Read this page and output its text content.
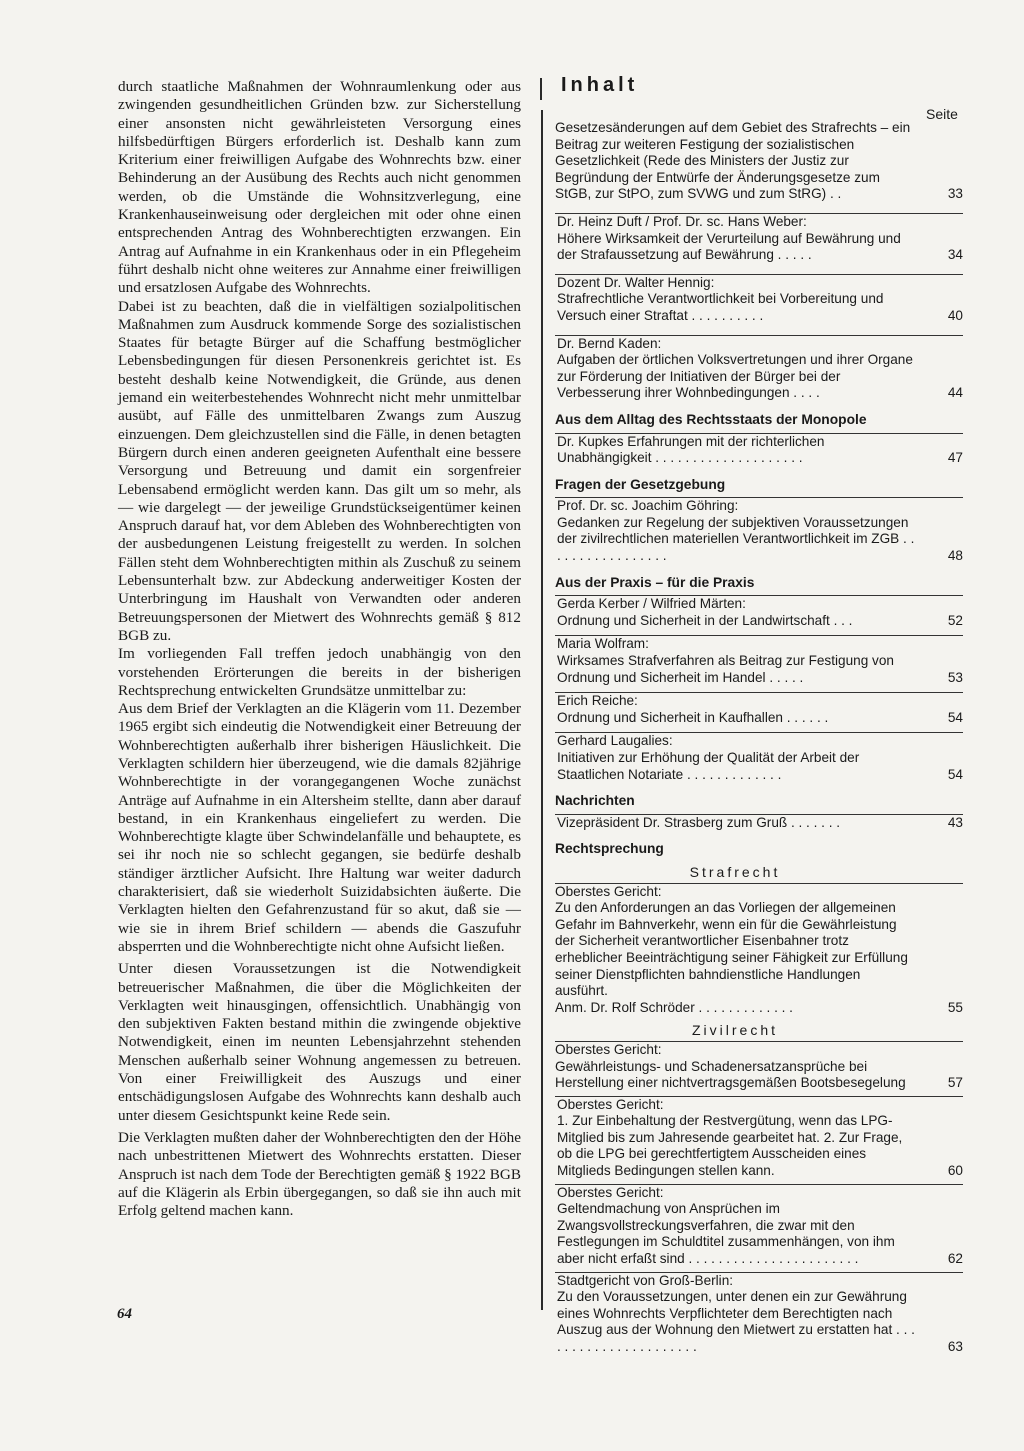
durch staatliche Maßnahmen der Wohnraumlenkung oder aus zwingenden gesundheitlichen Gründen bzw. zur Sicherstellung einer ansonsten nicht gewährleisteten Versorgung eines hilfsbedürftigen Bürgers erforderlich ist. Deshalb kann zum Kriterium einer freiwilligen Aufgabe des Wohnrechts bzw. einer Behinderung an der Ausübung des Rechts auch nicht genommen werden, ob die Umstände die Wohnsitzverlegung, eine Krankenhauseinweisung oder dergleichen mit oder ohne einen entsprechenden Antrag des Wohnberechtigten erzwangen. Ein Antrag auf Aufnahme in ein Krankenhaus oder in ein Pflegeheim führt deshalb nicht ohne weiteres zur Annahme einer freiwilligen und ersatzlosen Aufgabe des Wohnrechts.

Dabei ist zu beachten, daß die in vielfältigen sozialpolitischen Maßnahmen zum Ausdruck kommende Sorge des sozialistischen Staates für betagte Bürger auf die Schaffung bestmöglicher Lebensbedingungen für diesen Personenkreis gerichtet ist. Es besteht deshalb keine Notwendigkeit, die Gründe, aus denen jemand ein weiterbestehendes Wohnrecht nicht mehr unmittelbar ausübt, auf Fälle des unmittelbaren Zwangs zum Auszug einzuengen. Dem gleichzustellen sind die Fälle, in denen betagten Bürgern durch einen anderen geeigneten Aufenthalt eine bessere Versorgung und Betreuung und damit ein sorgenfreier Lebensabend ermöglicht werden kann. Das gilt um so mehr, als — wie dargelegt — der jeweilige Grundstückseigentümer keinen Anspruch darauf hat, vor dem Ableben des Wohnberechtigten von der ausbedungenen Leistung freigestellt zu werden. In solchen Fällen steht dem Wohnberechtigten mithin als Zuschuß zu seinem Lebensunterhalt bzw. zur Abdeckung anderweitiger Kosten der Unterbringung im Haushalt von Verwandten oder anderen Betreuungspersonen der Mietwert des Wohnrechts gemäß § 812 BGB zu.

Im vorliegenden Fall treffen jedoch unabhängig von den vorstehenden Erörterungen die bereits in der bisherigen Rechtsprechung entwickelten Grundsätze unmittelbar zu:

Aus dem Brief der Verklagten an die Klägerin vom 11. Dezember 1965 ergibt sich eindeutig die Notwendigkeit einer Betreuung der Wohnberechtigten außerhalb ihrer bisherigen Häuslichkeit. Die Verklagten schildern hier überzeugend, wie die damals 82jährige Wohnberechtigte in der vorangegangenen Woche zunächst Anträge auf Aufnahme in ein Altersheim stellte, dann aber darauf bestand, in ein Krankenhaus eingeliefert zu werden. Die Wohnberechtigte klagte über Schwindelanfälle und behauptete, es sei ihr noch nie so schlecht gegangen, sie bedürfe deshalb ständiger ärztlicher Aufsicht. Ihre Haltung war weiter dadurch charakterisiert, daß sie wiederholt Suizidabsichten äußerte. Die Verklagten hielten den Gefahrenzustand für so akut, daß sie — wie sie in ihrem Brief schildern — abends die Gaszufuhr absperrten und die Wohnberechtigte nicht ohne Aufsicht ließen.

Unter diesen Voraussetzungen ist die Notwendigkeit betreuerischer Maßnahmen, die über die Möglichkeiten der Verklagten weit hinausgingen, offensichtlich. Unabhängig von den subjektiven Fakten bestand mithin die zwingende objektive Notwendigkeit, einen im neunten Lebensjahrzehnt stehenden Menschen außerhalb seiner Wohnung angemessen zu betreuen. Von einer Freiwilligkeit des Auszugs und einer entschädigungslosen Aufgabe des Wohnrechts kann deshalb auch unter diesem Gesichtspunkt keine Rede sein.

Die Verklagten mußten daher der Wohnberechtigten den der Höhe nach unbestrittenen Mietwert des Wohnrechts erstatten. Dieser Anspruch ist nach dem Tode der Berechtigten gemäß § 1922 BGB auf die Klägerin als Erbin übergegangen, so daß sie ihn auch mit Erfolg geltend machen kann.

64
Inhalt
Seite
Gesetzesänderungen auf dem Gebiet des Strafrechts – ein Beitrag zur weiteren Festigung der sozialistischen Gesetzlichkeit (Rede des Ministers der Justiz zur Begründung der Entwürfe der Änderungsgesetze zum StGB, zur StPO, zum SVWG und zum StRG) . .	33
Dr. Heinz Duft / Prof. Dr. sc. Hans Weber:
Höhere Wirksamkeit der Verurteilung auf Bewährung und der Strafaussetzung auf Bewährung . . . . .	34
Dozent Dr. Walter Hennig:
Strafrechtliche Verantwortlichkeit bei Vorbereitung und Versuch einer Straftat . . . . . . . . . .	40
Dr. Bernd Kaden:
Aufgaben der örtlichen Volksvertretungen und ihrer Organe zur Förderung der Initiativen der Bürger bei der Verbesserung ihrer Wohnbedingungen . . . .	44
Aus dem Alltag des Rechtsstaats der Monopole
Dr. Kupkes Erfahrungen mit der richterlichen Unabhängigkeit . . . . . . . . . . . . . . . . . . . .	47
Fragen der Gesetzgebung
Prof. Dr. sc. Joachim Göhring:
Gedanken zur Regelung der subjektiven Voraussetzungen der zivilrechtlichen materiellen Verantwortlichkeit im ZGB . . . . . . . . . . . . . . . . .	48
Aus der Praxis – für die Praxis
Gerda Kerber / Wilfried Märten:
Ordnung und Sicherheit in der Landwirtschaft . . .	52
Maria Wolfram:
Wirksames Strafverfahren als Beitrag zur Festigung von Ordnung und Sicherheit im Handel . . . . .	53
Erich Reiche:
Ordnung und Sicherheit in Kaufhallen . . . . . .	54
Gerhard Laugalies:
Initiativen zur Erhöhung der Qualität der Arbeit der Staatlichen Notariate . . . . . . . . . . . . .	54
Nachrichten
Vizepräsident Dr. Strasberg zum Gruß . . . . . . .	43
Rechtsprechung
Strafrecht
Oberstes Gericht:
Zu den Anforderungen an das Vorliegen der allgemeinen Gefahr im Bahnverkehr, wenn ein für die Gewährleistung der Sicherheit verantwortlicher Eisenbahner trotz erheblicher Beeinträchtigung seiner Fähigkeit zur Erfüllung seiner Dienstpflichten bahndienstliche Handlungen ausführt.
Anm. Dr. Rolf Schröder . . . . . . . . . . . . .	55
Zivilrecht
Oberstes Gericht:
Gewährleistungs- und Schadenersatzansprüche bei Herstellung einer nichtvertragsgemäßen Bootsbesegelung	57
Oberstes Gericht:
1. Zur Einbehaltung der Restvergütung, wenn das LPG-Mitglied bis zum Jahresende gearbeitet hat. 2. Zur Frage, ob die LPG bei gerechtfertigtem Ausscheiden eines Mitglieds Bedingungen stellen kann.	60
Oberstes Gericht:
Geltendmachung von Ansprüchen im Zwangsvollstreckungsverfahren, die zwar mit den Festlegungen im Schuldtitel zusammenhängen, von ihm aber nicht erfaßt sind . . . . . . . . . . . . . . . . . . . . . . .	62
Stadtgericht von Groß-Berlin:
Zu den Voraussetzungen, unter denen ein zur Gewährung eines Wohnrechts Verpflichteter dem Berechtigten nach Auszug aus der Wohnung den Mietwert zu erstatten hat . . . . . . . . . . . . . . . . . . . . . .	63
